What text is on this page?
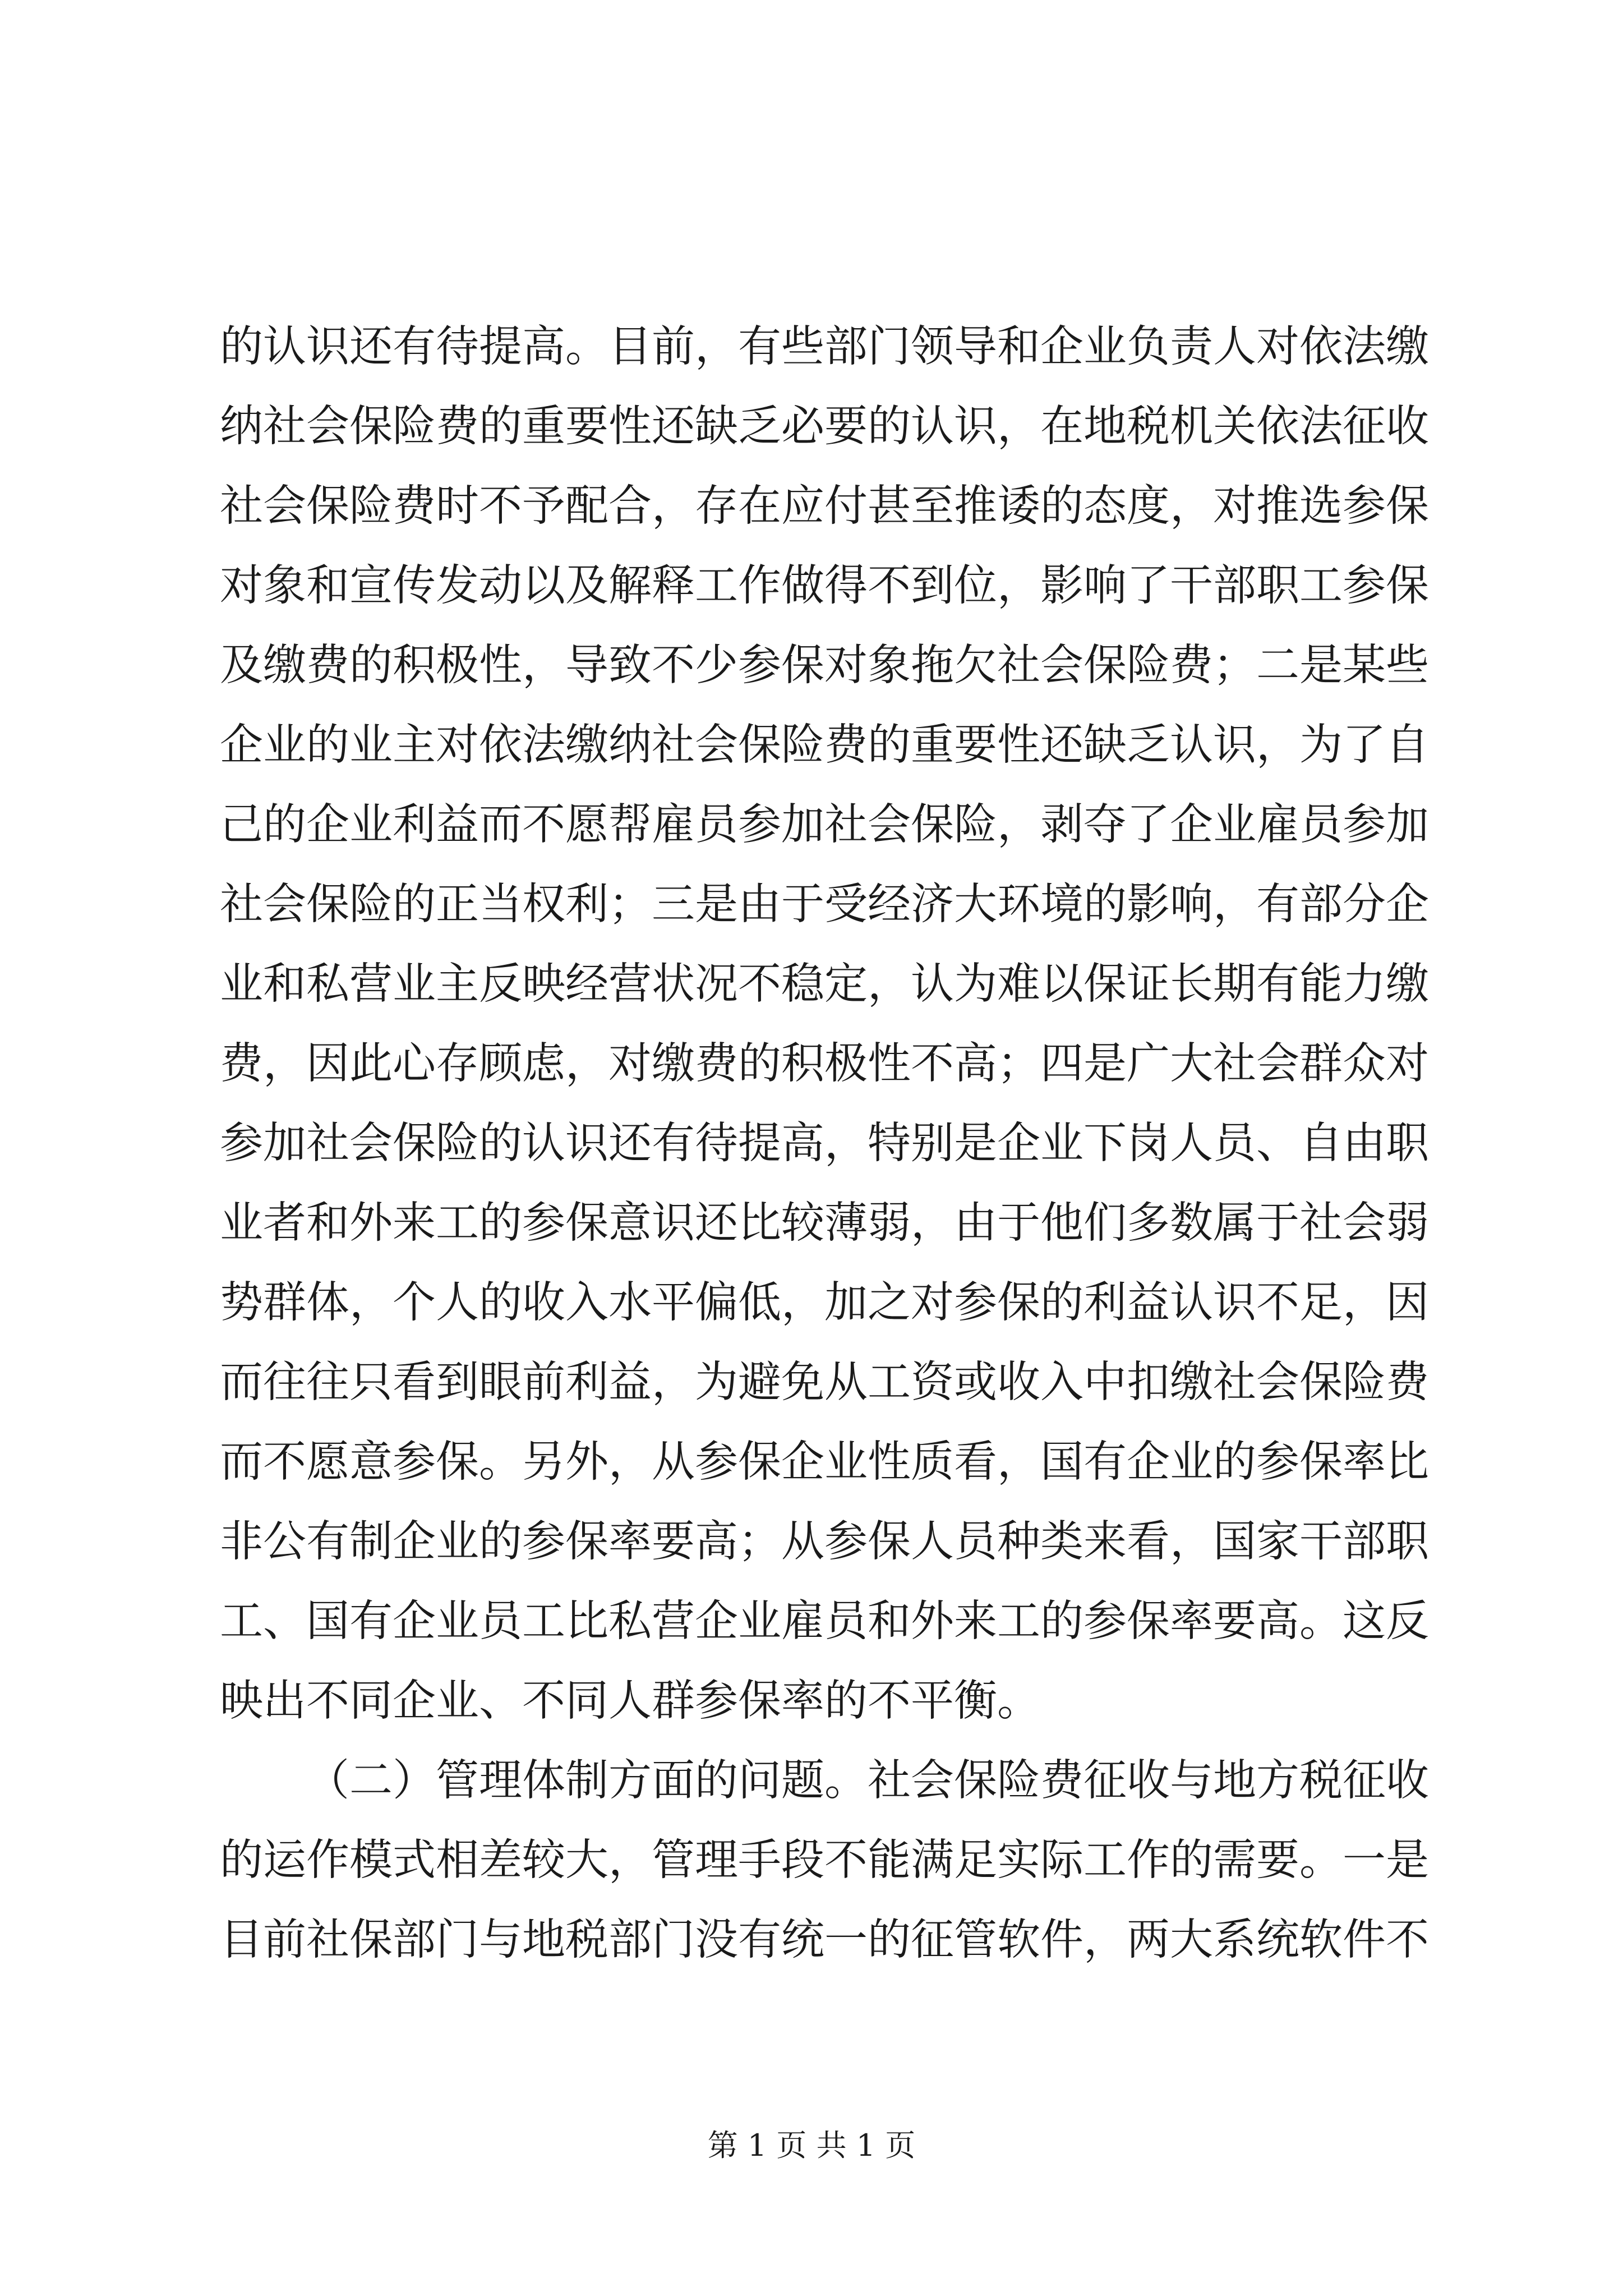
的认识还有待提高。目前，有些部门领导和企业负责人对依法缴
纳社会保险费的重要性还缺乏必要的认识，在地税机关依法征收
社会保险费时不予配合，存在应付甚至推诿的态度，对推选参保
对象和宣传发动以及解释工作做得不到位，影响了干部职工参保
及缴费的积极性，导致不少参保对象拖欠社会保险费；二是某些
企业的业主对依法缴纳社会保险费的重要性还缺乏认识，为了自
己的企业利益而不愿帮雇员参加社会保险，剥夺了企业雇员参加
社会保险的正当权利；三是由于受经济大环境的影响，有部分企
业和私营业主反映经营状况不稳定，认为难以保证长期有能力缴
费，因此心存顾虑，对缴费的积极性不高；四是广大社会群众对
参加社会保险的认识还有待提高，特别是企业下岗人员、自由职
业者和外来工的参保意识还比较薄弱，由于他们多数属于社会弱
势群体，个人的收入水平偏低，加之对参保的利益认识不足，因
而往往只看到眼前利益，为避免从工资或收入中扣缴社会保险费
而不愿意参保。另外，从参保企业性质看，国有企业的参保率比
非公有制企业的参保率要高；从参保人员种类来看，国家干部职
工、国有企业员工比私营企业雇员和外来工的参保率要高。这反
映出不同企业、不同人群参保率的不平衡。
（二）管理体制方面的问题。社会保险费征收与地方税征收
的运作模式相差较大，管理手段不能满足实际工作的需要。一是
目前社保部门与地税部门没有统一的征管软件，两大系统软件不
第 1 页 共 1 页
